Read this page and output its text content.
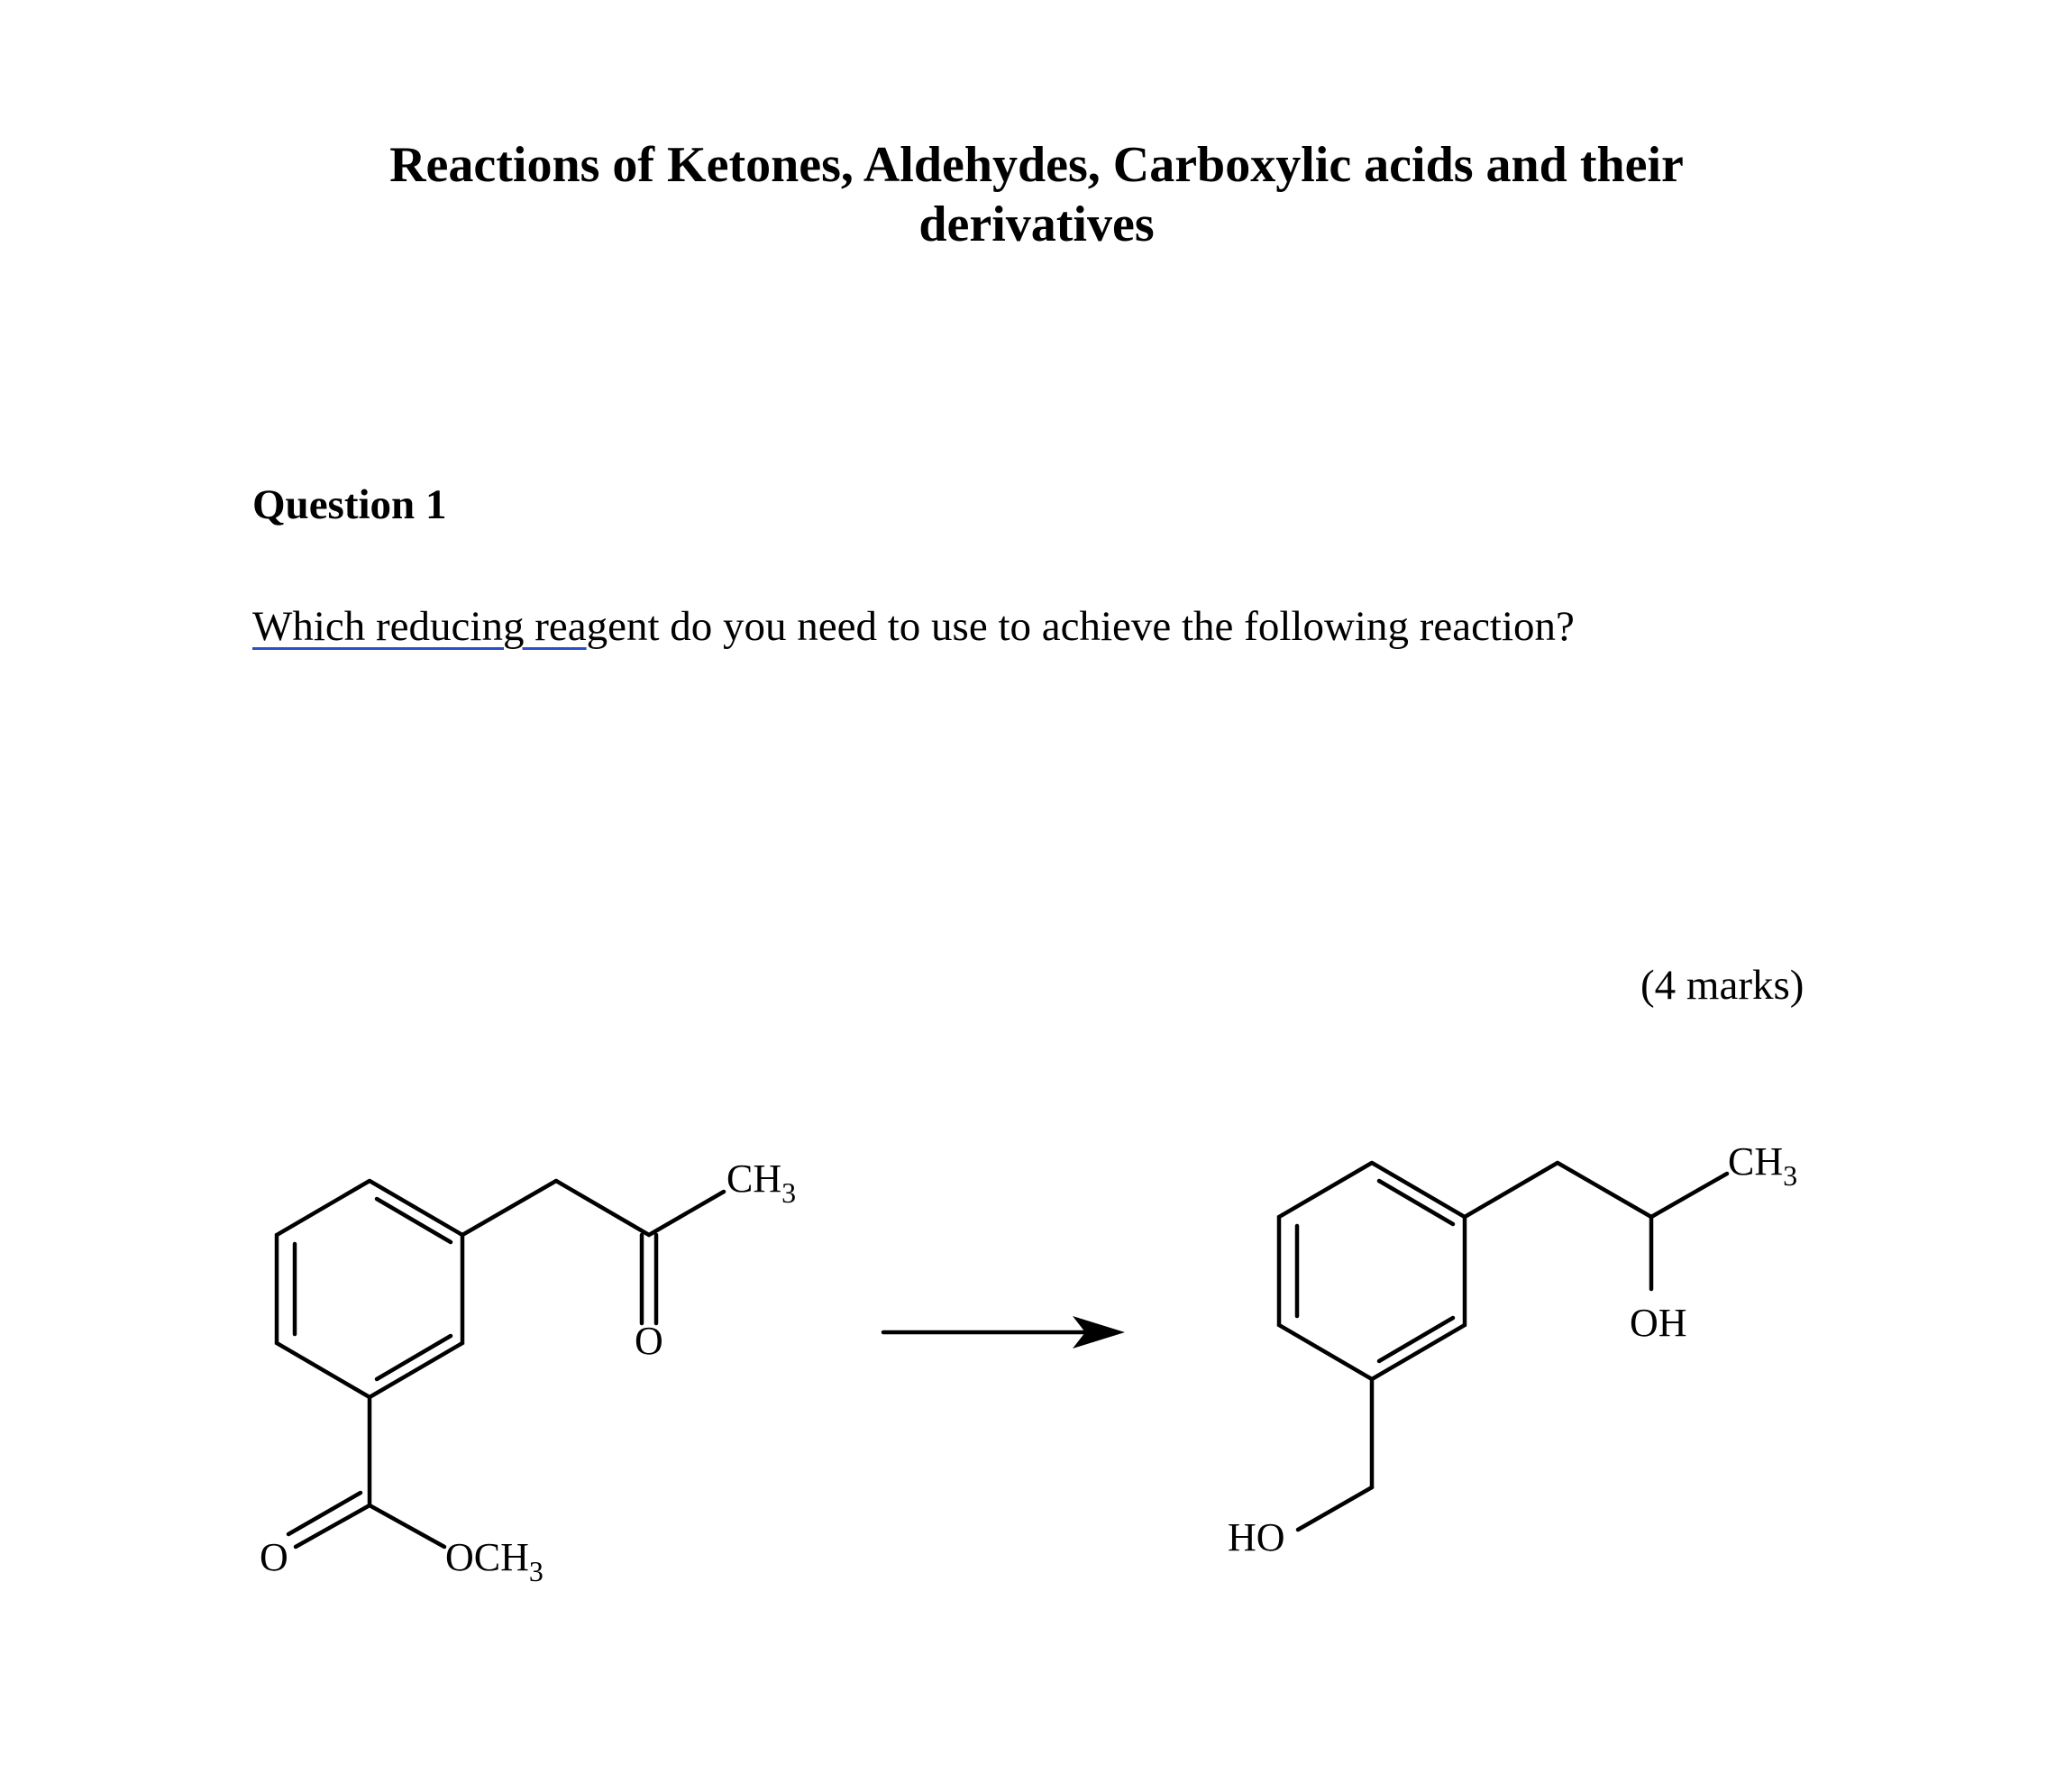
Reactions of Ketones, Aldehydes, Carboxylic acids and their
derivatives
Question 1
Which reducing reagent do you need to use to achieve the following reaction?
(4 marks)
$CH_3$
O
O	$OCH_3$
$CH_3$
OH
HO
